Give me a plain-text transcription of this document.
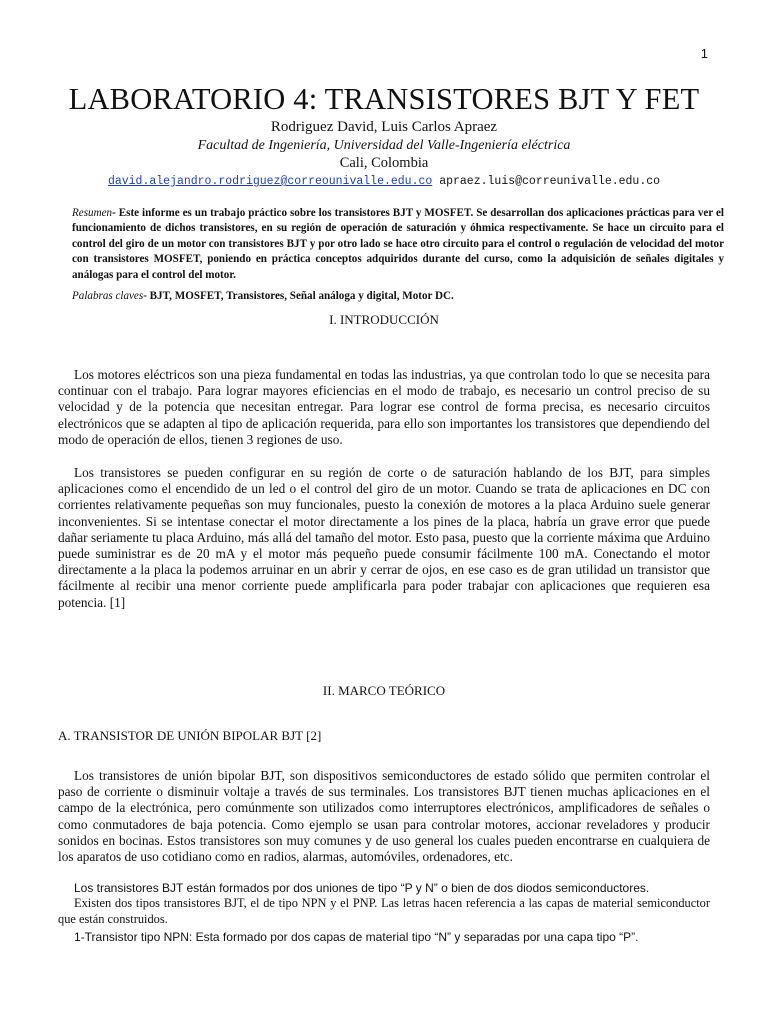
1
LABORATORIO 4: TRANSISTORES BJT Y FET
Rodriguez David, Luis Carlos Apraez
Facultad de Ingeniería, Universidad del Valle-Ingeniería eléctrica
Cali, Colombia
david.alejandro.rodriguez@correounivalle.edu.co apraez.luis@correunivalle.edu.co
Resumen- Este informe es un trabajo práctico sobre los transistores BJT y MOSFET. Se desarrollan dos aplicaciones prácticas para ver el funcionamiento de dichos transistores, en su región de operación de saturación y óhmica respectivamente. Se hace un circuito para el control del giro de un motor con transistores BJT y por otro lado se hace otro circuito para el control o regulación de velocidad del motor con transistores MOSFET, poniendo en práctica conceptos adquiridos durante del curso, como la adquisición de señales digitales y análogas para el control del motor.
Palabras claves- BJT, MOSFET, Transistores, Señal análoga y digital, Motor DC.
I. INTRODUCCIÓN
Los motores eléctricos son una pieza fundamental en todas las industrias, ya que controlan todo lo que se necesita para continuar con el trabajo. Para lograr mayores eficiencias en el modo de trabajo, es necesario un control preciso de su velocidad y de la potencia que necesitan entregar. Para lograr ese control de forma precisa, es necesario circuitos electrónicos que se adapten al tipo de aplicación requerida, para ello son importantes los transistores que dependiendo del modo de operación de ellos, tienen 3 regiones de uso.
Los transistores se pueden configurar en su región de corte o de saturación hablando de los BJT, para simples aplicaciones como el encendido de un led o el control del giro de un motor. Cuando se trata de aplicaciones en DC con corrientes relativamente pequeñas son muy funcionales, puesto la conexión de motores a la placa Arduino suele generar inconvenientes. Si se intentase conectar el motor directamente a los pines de la placa, habría un grave error que puede dañar seriamente tu placa Arduino, más allá del tamaño del motor. Esto pasa, puesto que la corriente máxima que Arduino puede suministrar es de 20 mA y el motor más pequeño puede consumir fácilmente 100 mA. Conectando el motor directamente a la placa la podemos arruinar en un abrir y cerrar de ojos, en ese caso es de gran utilidad un transistor que fácilmente al recibir una menor corriente puede amplificarla para poder trabajar con aplicaciones que requieren esa potencia. [1]
II. MARCO TEÓRICO
A. TRANSISTOR DE UNIÓN BIPOLAR BJT [2]
Los transistores de unión bipolar BJT, son dispositivos semiconductores de estado sólido que permiten controlar el paso de corriente o disminuir voltaje a través de sus terminales. Los transistores BJT tienen muchas aplicaciones en el campo de la electrónica, pero comúnmente son utilizados como interruptores electrónicos, amplificadores de señales o como conmutadores de baja potencia. Como ejemplo se usan para controlar motores, accionar reveladores y producir sonidos en bocinas. Estos transistores son muy comunes y de uso general los cuales pueden encontrarse en cualquiera de los aparatos de uso cotidiano como en radios, alarmas, automóviles, ordenadores, etc.
Los transistores BJT están formados por dos uniones de tipo “P y N” o bien de dos diodos semiconductores.
Existen dos tipos transistores BJT, el de tipo NPN y el PNP. Las letras hacen referencia a las capas de material semiconductor que están construidos.
1-Transistor tipo NPN: Esta formado por dos capas de material tipo “N” y separadas por una capa tipo “P”.
